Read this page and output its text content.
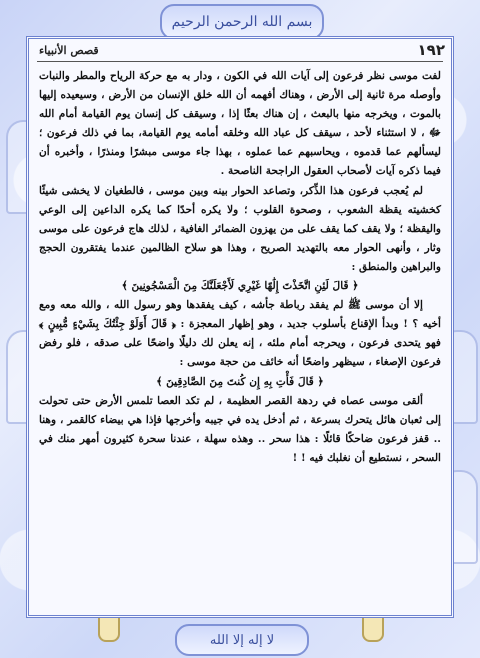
بسم الله الرحمن الرحيم
١٩٢
قصص الأنبياء

لفت موسى نظر فرعون إلى آيات الله في الكون ، ودار به مع حركة الرياح والمطر والنبات وأوصله مرة ثانية إلى الأرض ، وهناك أفهمه أن الله خلق الإنسان من الأرض ، وسيعيده إليها بالموت ، ويخرجه منها بالبعث ، إن هناك بعثًا إذا ، وسيقف كل إنسان يوم القيامة أمام الله ﷻ ، لا استثناء لأحد ، سيقف كل عباد الله وخلقه أمامه يوم القيامة، بما في ذلك فرعون ؛ ليسألهم عما قدموه ، ويحاسبهم عما عملوه ، بهذا جاء موسى مبشرًا ومنذرًا ، وأخبره أن فيما ذكره آيات لأصحاب العقول الراجحة الناصحة .

لم يُعجب فرعون هذا الذِّكر، وتصاعد الحوار بينه وبين موسى ، فالطغيان لا يخشى شيئًا كخشيته يقظة الشعوب ، وصحوة القلوب ؛ ولا يكره أحدًا كما يكره الداعين إلى الوعي واليقظة ؛ ولا يقف كما يقف على من يهزون الضمائر الغافية ، لذلك هاج فرعون على موسى وثار ، وأنهى الحوار معه بالتهديد الصريح ، وهذا هو سلاح الظالمين عندما يفتقرون الحجج والبراهين والمنطق :

﴿ قَالَ لَئِنِ اتَّخَذْتَ إِلَٰهًا غَيْرِي لَأَجْعَلَنَّكَ مِنَ الْمَسْجُونِينَ ﴾

إلا أن موسى ﷺ لم يفقد رباطة جأشه ، كيف يفقدها وهو رسول الله ، والله معه ومع أخيه ؟ ! وبدأ الإقناع بأسلوب جديد ، وهو إظهار المعجزة : ﴿ قَالَ أَوَلَوْ جِئْتُكَ بِشَيْءٍ مُّبِينٍ ﴾ فهو يتحدى فرعون ، ويحرجه أمام ملئه ، إنه يعلن لك دليلًا واضحًا على صدقه ، فلو رفض فرعون الإصغاء ، سيظهر واضحًا أنه خائف من حجة موسى :

﴿ قَالَ فَأْتِ بِهِ إِن كُنتَ مِنَ الصَّادِقِينَ ﴾

ألقى موسى عصاه في ردهة القصر العظيمة ، لم تكد العصا تلمس الأرض حتى تحولت إلى ثعبان هائل يتحرك بسرعة ، ثم أدخل يده في جيبه وأخرجها فإذا هي بيضاء كالقمر ، وهنا .. قفز فرعون ضاحكًا قائلًا : هذا سحر .. وهذه سهلة ، عندنا سحرة كثيرون أمهر منك في السحر ، نستطيع أن نغلبك فيه ! !

لا إله إلا الله
